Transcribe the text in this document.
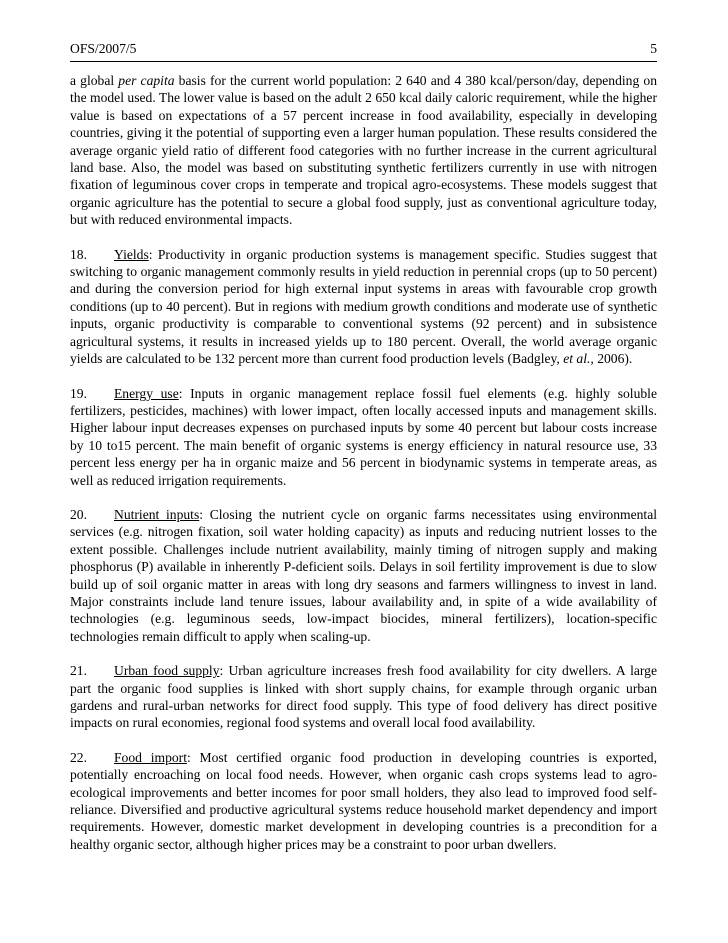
OFS/2007/5	5

a global per capita basis for the current world population: 2 640 and 4 380 kcal/person/day, depending on the model used. The lower value is based on the adult 2 650 kcal daily caloric requirement, while the higher value is based on expectations of a 57 percent increase in food availability, especially in developing countries, giving it the potential of supporting even a larger human population. These results considered the average organic yield ratio of different food categories with no further increase in the current agricultural land base. Also, the model was based on substituting synthetic fertilizers currently in use with nitrogen fixation of leguminous cover crops in temperate and tropical agro-ecosystems. These models suggest that organic agriculture has the potential to secure a global food supply, just as conventional agriculture today, but with reduced environmental impacts.

18. Yields: Productivity in organic production systems is management specific. Studies suggest that switching to organic management commonly results in yield reduction in perennial crops (up to 50 percent) and during the conversion period for high external input systems in areas with favourable crop growth conditions (up to 40 percent). But in regions with medium growth conditions and moderate use of synthetic inputs, organic productivity is comparable to conventional systems (92 percent) and in subsistence agricultural systems, it results in increased yields up to 180 percent. Overall, the world average organic yields are calculated to be 132 percent more than current food production levels (Badgley, et al., 2006).

19. Energy use: Inputs in organic management replace fossil fuel elements (e.g. highly soluble fertilizers, pesticides, machines) with lower impact, often locally accessed inputs and management skills. Higher labour input decreases expenses on purchased inputs by some 40 percent but labour costs increase by 10 to15 percent. The main benefit of organic systems is energy efficiency in natural resource use, 33 percent less energy per ha in organic maize and 56 percent in biodynamic systems in temperate areas, as well as reduced irrigation requirements.

20. Nutrient inputs: Closing the nutrient cycle on organic farms necessitates using environmental services (e.g. nitrogen fixation, soil water holding capacity) as inputs and reducing nutrient losses to the extent possible. Challenges include nutrient availability, mainly timing of nitrogen supply and making phosphorus (P) available in inherently P-deficient soils. Delays in soil fertility improvement is due to slow build up of soil organic matter in areas with long dry seasons and farmers willingness to invest in land. Major constraints include land tenure issues, labour availability and, in spite of a wide availability of technologies (e.g. leguminous seeds, low-impact biocides, mineral fertilizers), location-specific technologies remain difficult to apply when scaling-up.

21. Urban food supply: Urban agriculture increases fresh food availability for city dwellers. A large part the organic food supplies is linked with short supply chains, for example through organic urban gardens and rural-urban networks for direct food supply. This type of food delivery has direct positive impacts on rural economies, regional food systems and overall local food availability.

22. Food import: Most certified organic food production in developing countries is exported, potentially encroaching on local food needs. However, when organic cash crops systems lead to agro-ecological improvements and better incomes for poor small holders, they also lead to improved food self-reliance. Diversified and productive agricultural systems reduce household market dependency and import requirements. However, domestic market development in developing countries is a precondition for a healthy organic sector, although higher prices may be a constraint to poor urban dwellers.
